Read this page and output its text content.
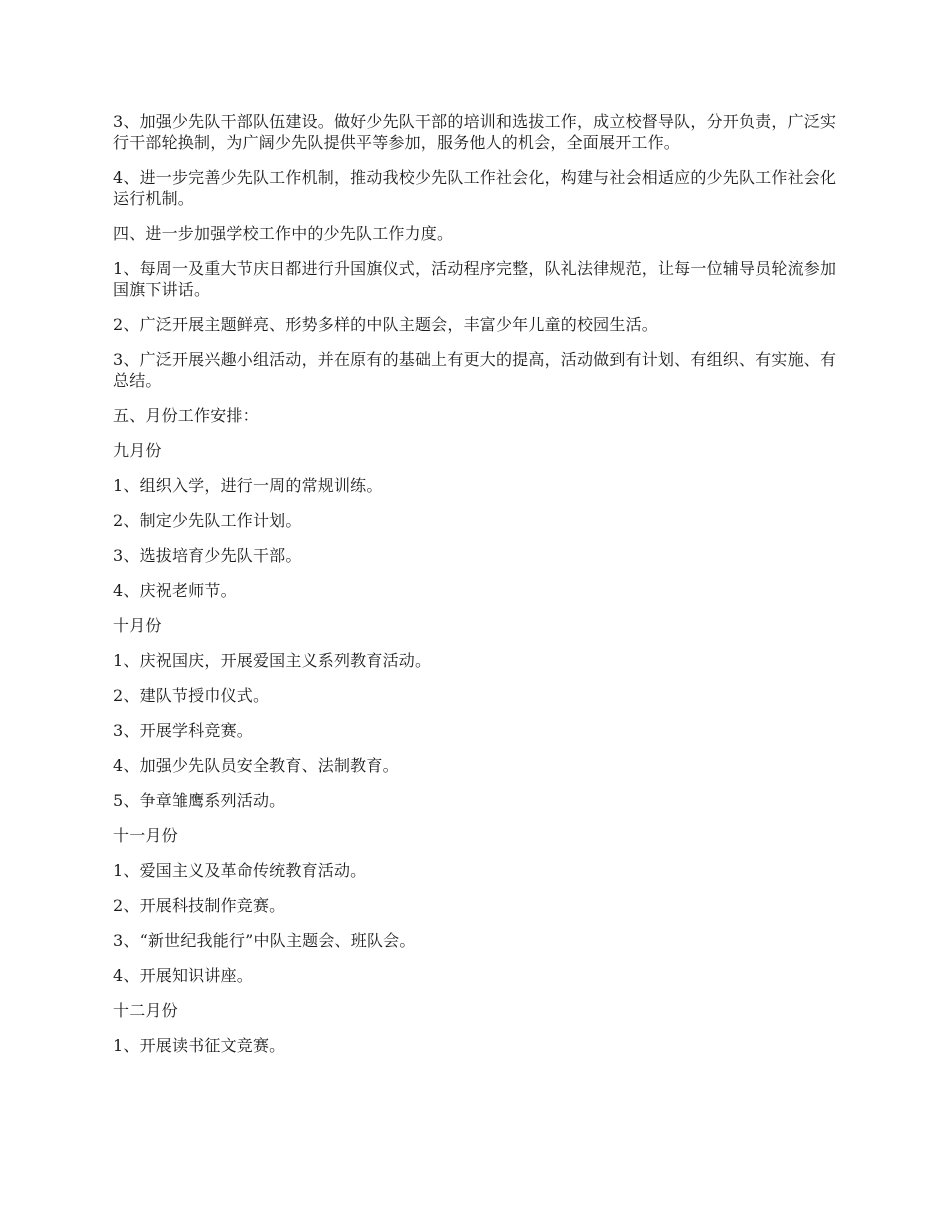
3、加强少先队干部队伍建设。做好少先队干部的培训和选拔工作，成立校督导队，分开负责，广泛实行干部轮换制，为广阔少先队提供平等参加，服务他人的机会，全面展开工作。

4、进一步完善少先队工作机制，推动我校少先队工作社会化，构建与社会相适应的少先队工作社会化运行机制。

四、进一步加强学校工作中的少先队工作力度。

1、每周一及重大节庆日都进行升国旗仪式，活动程序完整，队礼法律规范，让每一位辅导员轮流参加国旗下讲话。

2、广泛开展主题鲜亮、形势多样的中队主题会，丰富少年儿童的校园生活。

3、广泛开展兴趣小组活动，并在原有的基础上有更大的提高，活动做到有计划、有组织、有实施、有总结。

五、月份工作安排：

九月份

1、组织入学，进行一周的常规训练。

2、制定少先队工作计划。

3、选拔培育少先队干部。

4、庆祝老师节。

十月份

1、庆祝国庆，开展爱国主义系列教育活动。

2、建队节授巾仪式。

3、开展学科竞赛。

4、加强少先队员安全教育、法制教育。

5、争章雏鹰系列活动。

十一月份

1、爱国主义及革命传统教育活动。

2、开展科技制作竞赛。

3、“新世纪我能行”中队主题会、班队会。

4、开展知识讲座。

十二月份

1、开展读书征文竞赛。
